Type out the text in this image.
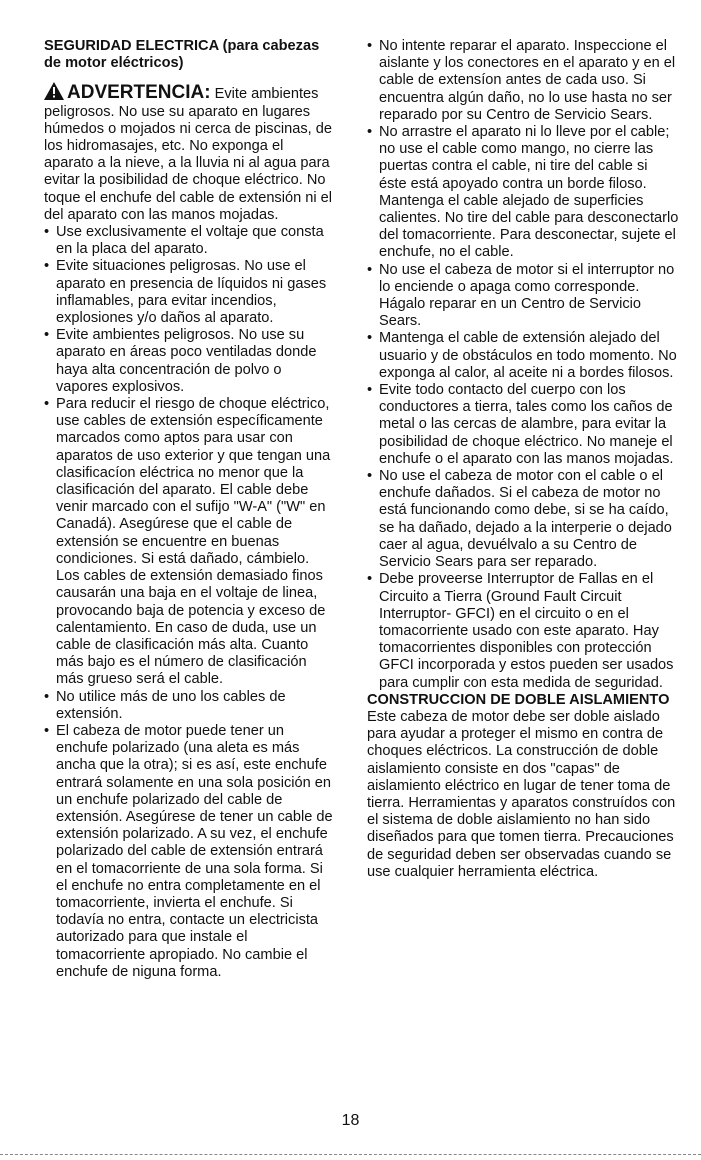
SEGURIDAD ELECTRICA (para cabezas de motor eléctricos)

ADVERTENCIA: Evite ambientes peligrosos. No use su aparato en lugares húmedos o mojados ni cerca de piscinas, de los hidromasajes, etc. No exponga el aparato a la nieve, a la lluvia ni al agua para evitar la posibilidad de choque eléctrico. No toque el enchufe del cable de extensión ni el del aparato con las manos mojadas.

• Use exclusivamente el voltaje que consta en la placa del aparato.
• Evite situaciones peligrosas. No use el aparato en presencia de líquidos ni gases inflamables, para evitar incendios, explosiones y/o daños al aparato.
• Evite ambientes peligrosos. No use su aparato en áreas poco ventiladas donde haya alta concentración de polvo o vapores explosivos.
• Para reducir el riesgo de choque eléctrico, use cables de extensión específicamente marcados como aptos para usar con aparatos de uso exterior y que tengan una clasificacíon eléctrica no menor que la clasificación del aparato. El cable debe venir marcado con el sufijo "W-A" ("W" en Canadá). Asegúrese que el cable de extensión se encuentre en buenas condiciones. Si está dañado, cámbielo. Los cables de extensión demasiado finos causarán una baja en el voltaje de linea, provocando baja de potencia y exceso de calentamiento. En caso de duda, use un cable de clasificación más alta. Cuanto más bajo es el número de clasificación más grueso será el cable.
• No utilice más de uno los cables de extensión.
• El cabeza de motor puede tener un enchufe polarizado (una aleta es más ancha que la otra); si es así, este enchufe entrará solamente en una sola posición en un enchufe polarizado del cable de extensión. Asegúrese de tener un cable de extensión polarizado. A su vez, el enchufe polarizado del cable de extensión entrará en el tomacorriente de una sola forma. Si el enchufe no entra completamente en el tomacorriente, invierta el enchufe. Si todavía no entra, contacte un electricista autorizado para que instale el tomacorriente apropiado. No cambie el enchufe de niguna forma.
• No intente reparar el aparato. Inspeccione el aislante y los conectores en el aparato y en el cable de extensíon antes de cada uso. Si encuentra algún daño, no lo use hasta no ser reparado por su Centro de Servicio Sears.
• No arrastre el aparato ni lo lleve por el cable; no use el cable como mango, no cierre las puertas contra el cable, ni tire del cable si éste está apoyado contra un borde filoso. Mantenga el cable alejado de superficies calientes. No tire del cable para desconectarlo del tomacorriente. Para desconectar, sujete el enchufe, no el cable.
• No use el cabeza de motor si el interruptor no lo enciende o apaga como corresponde. Hágalo reparar en un Centro de Servicio Sears.
• Mantenga el cable de extensión alejado del usuario y de obstáculos en todo momento. No exponga al calor, al aceite ni a bordes filosos.
• Evite todo contacto del cuerpo con los conductores a tierra, tales como los caños de metal o las cercas de alambre, para evitar la posibilidad de choque eléctrico. No maneje el enchufe o el aparato con las manos mojadas.
• No use el cabeza de motor con el cable o el enchufe dañados. Si el cabeza de motor no está funcionando como debe, si se ha caído, se ha dañado, dejado a la interperie o dejado caer al agua, devuélvalo a su Centro de Servicio Sears para ser reparado.
• Debe proveerse Interruptor de Fallas en el Circuito a Tierra (Ground Fault Circuit Interruptor- GFCI) en el circuito o en el tomacorriente usado con este aparato. Hay tomacorrientes disponibles con protección GFCI incorporada y estos pueden ser usados para cumplir con esta medida de seguridad.

CONSTRUCCION DE DOBLE AISLAMIENTO

Este cabeza de motor debe ser doble aislado para ayudar a proteger el mismo en contra de choques eléctricos. La construcción de doble aislamiento consiste en dos "capas" de aislamiento eléctrico en lugar de tener toma de tierra. Herramientas y aparatos construídos con el sistema de doble aislamiento no han sido diseñados para que tomen tierra. Precauciones de seguridad deben ser observadas cuando se use cualquier herramienta eléctrica.

18
